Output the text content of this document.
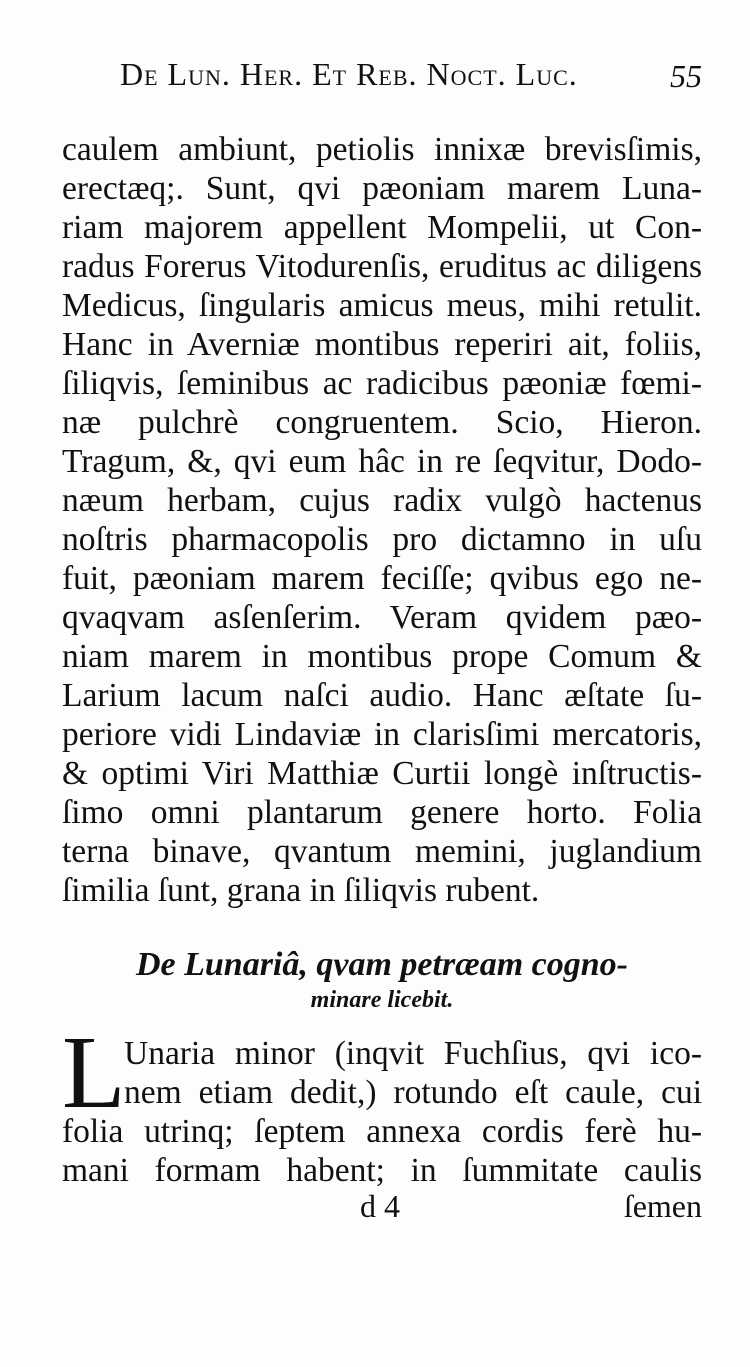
De Lun. Her. Et Reb. Noct. Luc.	55
caulem ambiunt, petiolis innixæ brevisſimis,
erectæq;. Sunt, qvi pæoniam marem Luna-
riam majorem appellent Mompelii, ut Con-
radus Forerus Vitodurenſis, eruditus ac diligens
Medicus, ſingularis amicus meus, mihi retulit.
Hanc in Averniæ montibus reperiri ait, foliis,
ſiliqvis, ſeminibus ac radicibus pæoniæ fœmi-
næ pulchrè congruentem. Scio, Hieron.
Tragum, &, qvi eum hâc in re ſeqvitur, Dodo-
næum herbam, cujus radix vulgò hactenus
noſtris pharmacopolis pro dictamno in uſu
fuit, pæoniam marem feciſſe; qvibus ego ne-
qvaqvam asſenſerim. Veram qvidem pæo-
niam marem in montibus prope Comum &
Larium lacum naſci audio. Hanc æſtate ſu-
periore vidi Lindaviæ in clarisſimi mercatoris,
& optimi Viri Matthiæ Curtii longè inſtructis-
ſimo omni plantarum genere horto. Folia
terna binave, qvantum memini, juglandium
ſimilia ſunt, grana in ſiliqvis rubent.
De Lunariâ, qvam petræam cogno-
minare licebit.
L
Unaria minor (inqvit Fuchſius, qvi ico-
nem etiam dedit,) rotundo eſt caule, cui
folia utrinq; ſeptem annexa cordis ferè hu-
mani formam habent; in ſummitate caulis
d 4	ſemen
